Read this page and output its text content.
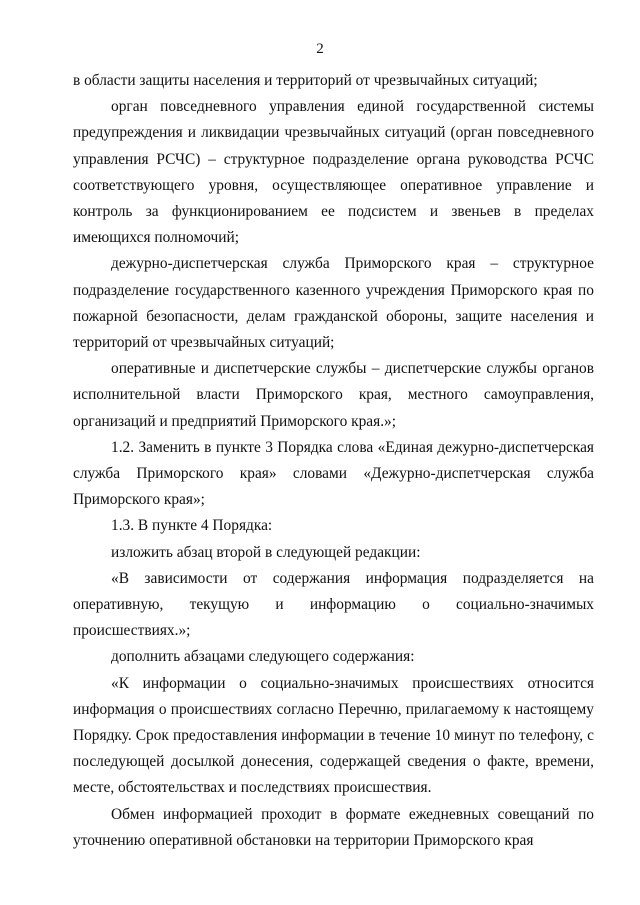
2

в области защиты населения и территорий от чрезвычайных ситуаций;

орган повседневного управления единой государственной системы предупреждения и ликвидации чрезвычайных ситуаций (орган повседневного управления РСЧС) – структурное подразделение органа руководства РСЧС соответствующего уровня, осуществляющее оперативное управление и контроль за функционированием ее подсистем и звеньев в пределах имеющихся полномочий;

дежурно-диспетчерская служба Приморского края – структурное подразделение государственного казенного учреждения Приморского края по пожарной безопасности, делам гражданской обороны, защите населения и территорий от чрезвычайных ситуаций;

оперативные и диспетчерские службы – диспетчерские службы органов исполнительной власти Приморского края, местного самоуправления, организаций и предприятий Приморского края.»;

1.2. Заменить в пункте 3 Порядка слова «Единая дежурно-диспетчерская служба Приморского края» словами «Дежурно-диспетчерская служба Приморского края»;

1.3. В пункте 4 Порядка:

изложить абзац второй в следующей редакции:

«В зависимости от содержания информация подразделяется на оперативную, текущую и информацию о социально-значимых происшествиях.»;

дополнить абзацами следующего содержания:

«К информации о социально-значимых происшествиях относится информация о происшествиях согласно Перечню, прилагаемому к настоящему Порядку. Срок предоставления информации в течение 10 минут по телефону, с последующей досылкой донесения, содержащей сведения о факте, времени, месте, обстоятельствах и последствиях происшествия.

Обмен информацией проходит в формате ежедневных совещаний по уточнению оперативной обстановки на территории Приморского края
